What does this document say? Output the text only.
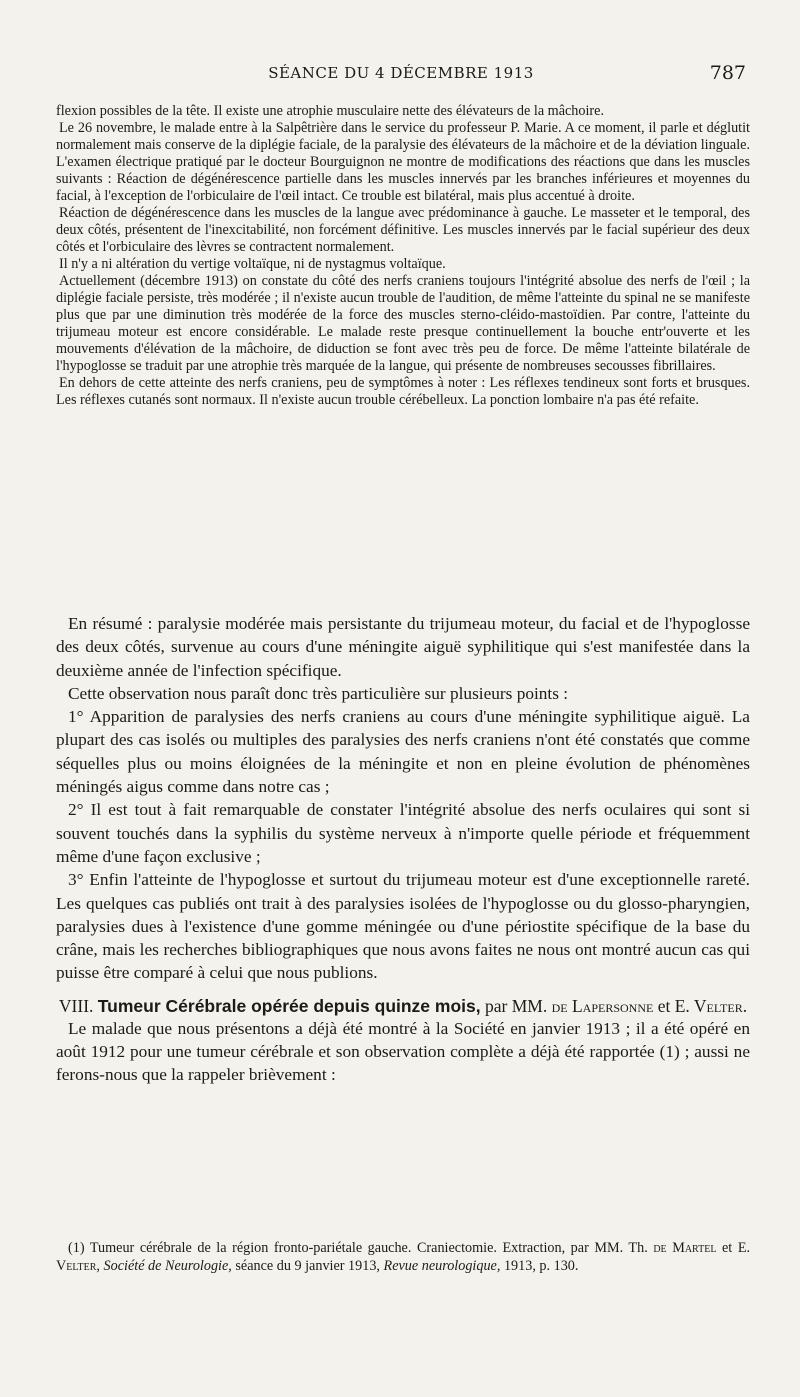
SÉANCE DU 4 DÉCEMBRE 1913	787

flexion possibles de la tête. Il existe une atrophie musculaire nette des élévateurs de la mâchoire.

Le 26 novembre, le malade entre à la Salpêtrière dans le service du professeur P. Marie. A ce moment, il parle et déglutit normalement mais conserve de la diplégie faciale, de la paralysie des élévateurs de la mâchoire et de la déviation linguale. L'examen électrique pratiqué par le docteur Bourguignon ne montre de modifications des réactions que dans les muscles suivants : Réaction de dégénérescence partielle dans les muscles innervés par les branches inférieures et moyennes du facial, à l'exception de l'orbiculaire de l'œil intact. Ce trouble est bilatéral, mais plus accentué à droite.

Réaction de dégénérescence dans les muscles de la langue avec prédominance à gauche. Le masseter et le temporal, des deux côtés, présentent de l'inexcitabilité, non forcément définitive. Les muscles innervés par le facial supérieur des deux côtés et l'orbiculaire des lèvres se contractent normalement.

Il n'y a ni altération du vertige voltaïque, ni de nystagmus voltaïque.

Actuellement (décembre 1913) on constate du côté des nerfs craniens toujours l'intégrité absolue des nerfs de l'œil ; la diplégie faciale persiste, très modérée ; il n'existe aucun trouble de l'audition, de même l'atteinte du spinal ne se manifeste plus que par une diminution très modérée de la force des muscles sterno-cléido-mastoïdien. Par contre, l'atteinte du trijumeau moteur est encore considérable. Le malade reste presque continuellement la bouche entr'ouverte et les mouvements d'élévation de la mâchoire, de diduction se font avec très peu de force. De même l'atteinte bilatérale de l'hypoglosse se traduit par une atrophie très marquée de la langue, qui présente de nombreuses secousses fibrillaires.

En dehors de cette atteinte des nerfs craniens, peu de symptômes à noter : Les réflexes tendineux sont forts et brusques. Les réflexes cutanés sont normaux. Il n'existe aucun trouble cérébelleux. La ponction lombaire n'a pas été refaite.

En résumé : paralysie modérée mais persistante du trijumeau moteur, du facial et de l'hypoglosse des deux côtés, survenue au cours d'une méningite aiguë syphilitique qui s'est manifestée dans la deuxième année de l'infection spécifique.

Cette observation nous paraît donc très particulière sur plusieurs points :

1° Apparition de paralysies des nerfs craniens au cours d'une méningite syphilitique aiguë. La plupart des cas isolés ou multiples des paralysies des nerfs craniens n'ont été constatés que comme séquelles plus ou moins éloignées de la méningite et non en pleine évolution de phénomènes méningés aigus comme dans notre cas ;

2° Il est tout à fait remarquable de constater l'intégrité absolue des nerfs oculaires qui sont si souvent touchés dans la syphilis du système nerveux à n'importe quelle période et fréquemment même d'une façon exclusive ;

3° Enfin l'atteinte de l'hypoglosse et surtout du trijumeau moteur est d'une exceptionnelle rareté. Les quelques cas publiés ont trait à des paralysies isolées de l'hypoglosse ou du glosso-pharyngien, paralysies dues à l'existence d'une gomme méningée ou d'une périostite spécifique de la base du crâne, mais les recherches bibliographiques que nous avons faites ne nous ont montré aucun cas qui puisse être comparé à celui que nous publions.

VIII. Tumeur Cérébrale opérée depuis quinze mois, par MM. de Lapersonne et E. Velter.

Le malade que nous présentons a déjà été montré à la Société en janvier 1913 ; il a été opéré en août 1912 pour une tumeur cérébrale et son observation complète a déjà été rapportée (1) ; aussi ne ferons-nous que la rappeler brièvement :

(1) Tumeur cérébrale de la région fronto-pariétale gauche. Craniectomie. Extraction, par MM. Th. de Martel et E. Velter, Société de Neurologie, séance du 9 janvier 1913, Revue neurologique, 1913, p. 130.
